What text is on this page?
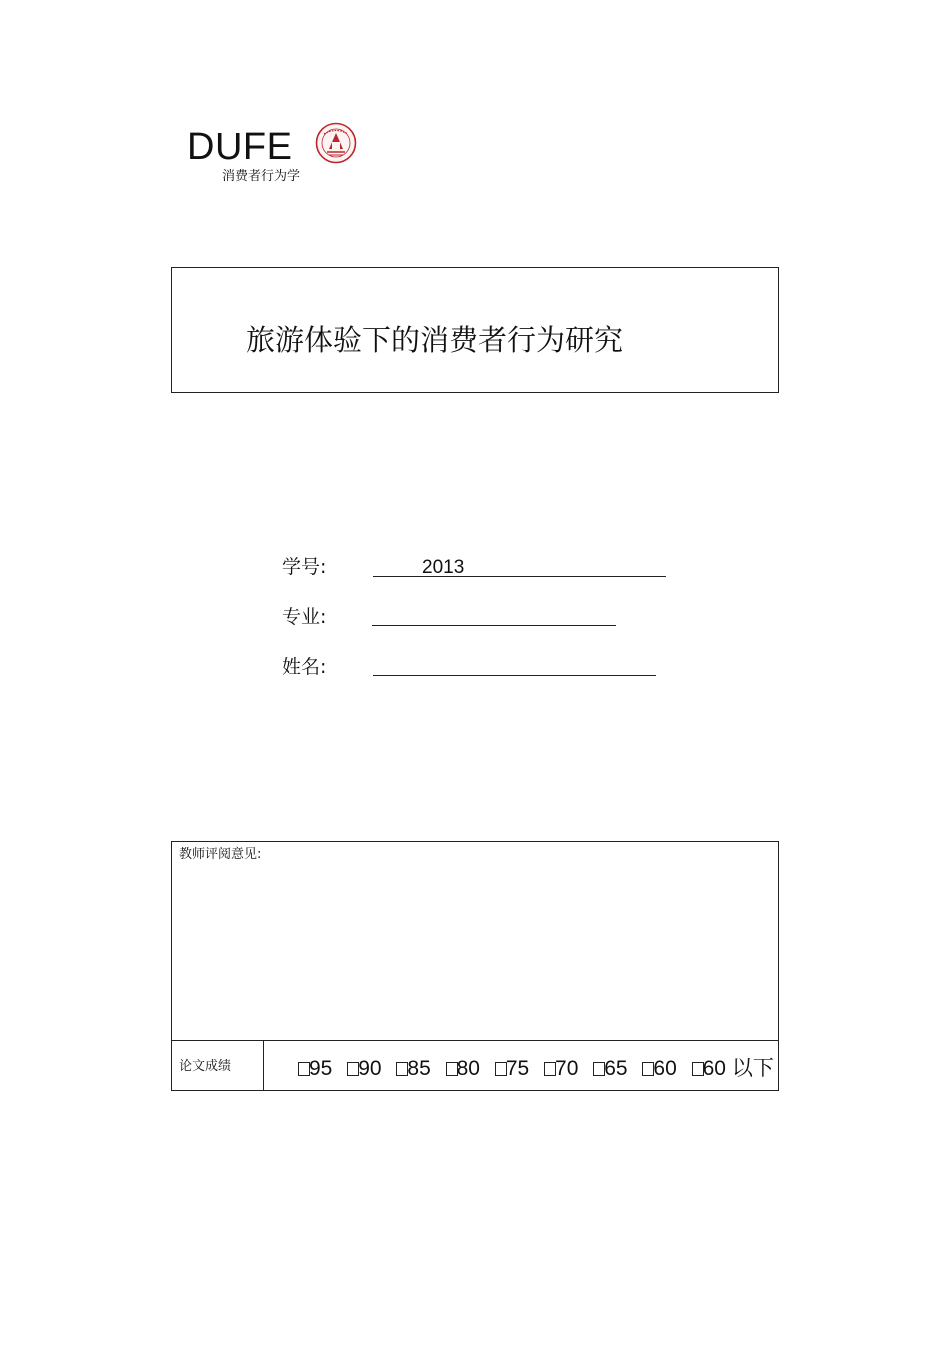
DUFE
消费者行为学
旅游体验下的消费者行为研究
学号:	2013
专业:
姓名:
教师评阅意见:
论文成绩	95 90 85 80 75 70 65 60 60 以下
